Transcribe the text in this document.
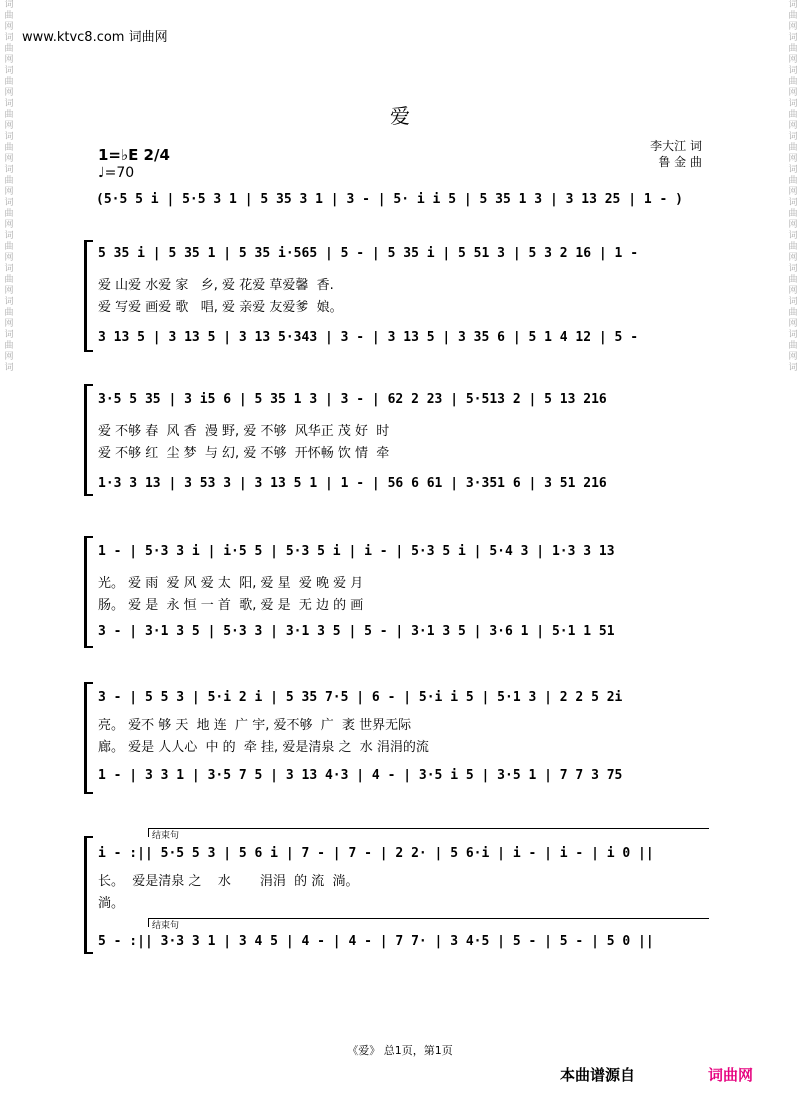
词
曲
网
词
曲
网
词
曲
网
词
曲
网
词
曲
网
词
曲
网
词
曲
网
词
曲
网
词
曲
网
词
曲
网
词
曲
网
词
词
曲
网
词
曲
网
词
曲
网
词
曲
网
词
曲
网
词
曲
网
词
曲
网
词
曲
网
词
曲
网
词
曲
网
词
曲
网
词
www.ktvc8.com 词曲网
爱
1=♭E 2/4
♩=70
李大江 词
鲁 金 曲
(5·5 5 i | 5·5 3 1 | 5 35 3 1 | 3 - | 5· i i 5 | 5 35 1 3 | 3 13 25 | 1 - )
5 35 i | 5 35 1 | 5 35 i·565 | 5 - | 5 35 i | 5 51 3 | 5 3 2 16 | 1 -
爱 山爱 水爱 家   乡, 爱 花爱 草爱馨  香.
爱 写爱 画爱 歌   唱, 爱 亲爱 友爱爹  娘。
3 13 5 | 3 13 5 | 3 13 5·343 | 3 - | 3 13 5 | 3 35 6 | 5 1 4 12 | 5 -
3·5 5 35 | 3 i5 6 | 5 35 1 3 | 3 - | 62 2 23 | 5·513 2 | 5 13 216
爱 不够 春  风 香  漫 野, 爱 不够  风华正 茂 好  时
爱 不够 红  尘 梦  与 幻, 爱 不够  开怀畅 饮 情  牵
1·3 3 13 | 3 53 3 | 3 13 5 1 | 1 - | 56 6 61 | 3·351 6 | 3 51 216
1 - | 5·3 3 i | i·5 5 | 5·3 5 i | i - | 5·3 5 i | 5·4 3 | 1·3 3 13
光。 爱 雨  爱 风 爱 太  阳, 爱 星  爱 晚 爱 月
肠。 爱 是  永 恒 一 首  歌, 爱 是  无 边 的 画
3 - | 3·1 3 5 | 5·3 3 | 3·1 3 5 | 5 - | 3·1 3 5 | 3·6 1 | 5·1 1 51
3 - | 5 5 3 | 5·i 2 i | 5 35 7·5 | 6 - | 5·i i 5 | 5·1 3 | 2 2 5 2i
亮。 爱不 够 天  地 连  广 宇, 爱不够  广  袤 世界无际
廊。 爱是 人人心  中 的  牵 挂, 爱是清泉 之  水 涓涓的流
1 - | 3 3 1 | 3·5 7 5 | 3 13 4·3 | 4 - | 3·5 i 5 | 3·5 1 | 7 7 3 75
结束句
i - :|| 5·5 5 3 | 5 6 i | 7 - | 7 - | 2 2· | 5 6·i | i - | i - | i 0 ||
长。  爱是清泉 之    水       涓涓  的 流  淌。
淌。
结束句
5 - :|| 3·3 3 1 | 3 4 5 | 4 - | 4 - | 7 7· | 3 4·5 | 5 - | 5 - | 5 0 ||
《爱》 总1页，第1页
本曲谱源自	词曲网
